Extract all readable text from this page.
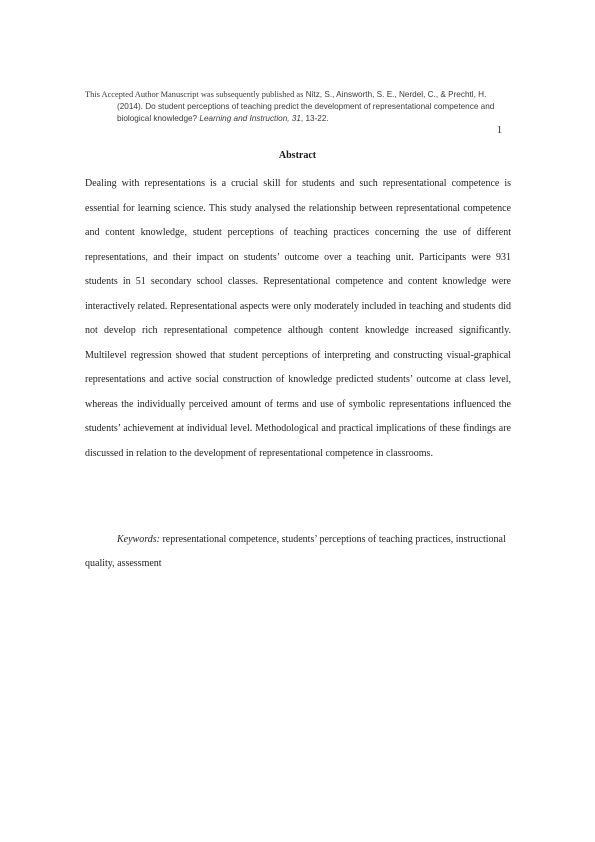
This Accepted Author Manuscript was subsequently published as Nitz, S., Ainsworth, S. E., Nerdel, C., & Prechtl, H.
(2014). Do student perceptions of teaching predict the development of representational competence and
biological knowledge? Learning and Instruction, 31, 13-22.
1
Abstract

Dealing with representations is a crucial skill for students and such representational competence is essential for learning science. This study analysed the relationship between representational competence and content knowledge, student perceptions of teaching practices concerning the use of different representations, and their impact on students’ outcome over a teaching unit. Participants were 931 students in 51 secondary school classes. Representational competence and content knowledge were interactively related. Representational aspects were only moderately included in teaching and students did not develop rich representational competence although content knowledge increased significantly. Multilevel regression showed that student perceptions of interpreting and constructing visual-graphical representations and active social construction of knowledge predicted students’ outcome at class level, whereas the individually perceived amount of terms and use of symbolic representations influenced the students’ achievement at individual level. Methodological and practical implications of these findings are discussed in relation to the development of representational competence in classrooms.

Keywords: representational competence, students’ perceptions of teaching practices, instructional quality, assessment
